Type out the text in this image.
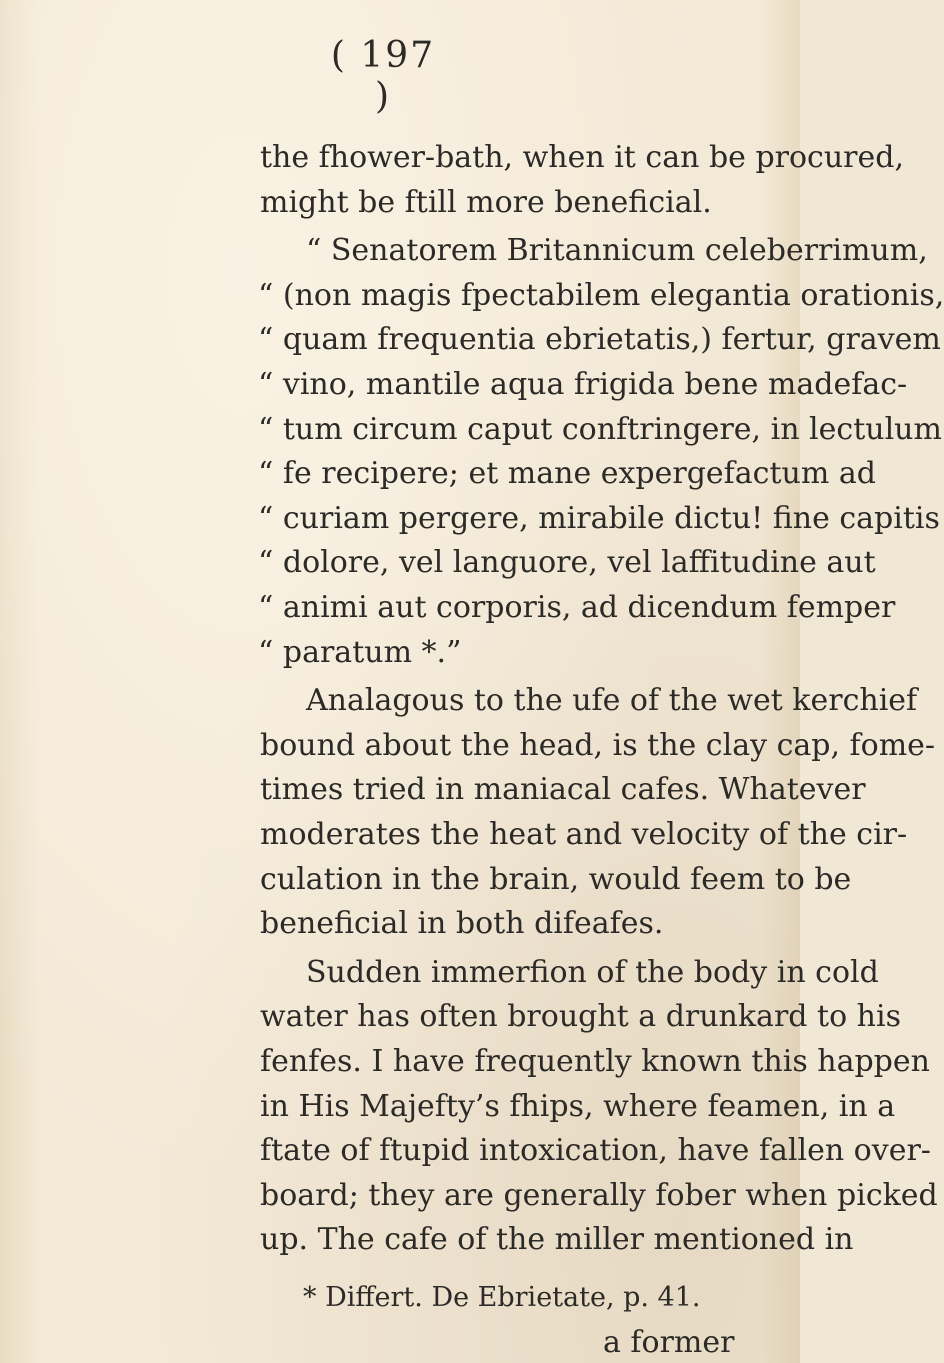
( 197 )

the fhower-bath, when it can be procured,

might be ftill more beneficial.

“ Senatorem Britannicum celeberrimum,

“ (non magis fpectabilem elegantia orationis,

“ quam frequentia ebrietatis,) fertur, gravem

“ vino, mantile aqua frigida bene madefac-

“ tum circum caput conftringere, in lectulum

“ fe recipere; et mane expergefactum ad

“ curiam pergere, mirabile dictu! fine capitis

“ dolore, vel languore, vel laffitudine aut

“ animi aut corporis, ad dicendum femper

“ paratum *.”

Analagous to the ufe of the wet kerchief

bound about the head, is the clay cap, fome-

times tried in maniacal cafes. Whatever

moderates the heat and velocity of the cir-

culation in the brain, would feem to be

beneficial in both difeafes.

Sudden immerfion of the body in cold

water has often brought a drunkard to his

fenfes. I have frequently known this happen

in His Majefty’s fhips, where feamen, in a

ftate of ftupid intoxication, have fallen over-

board; they are generally fober when picked

up. The cafe of the miller mentioned in

* Differt. De Ebrietate, p. 41.
a former
